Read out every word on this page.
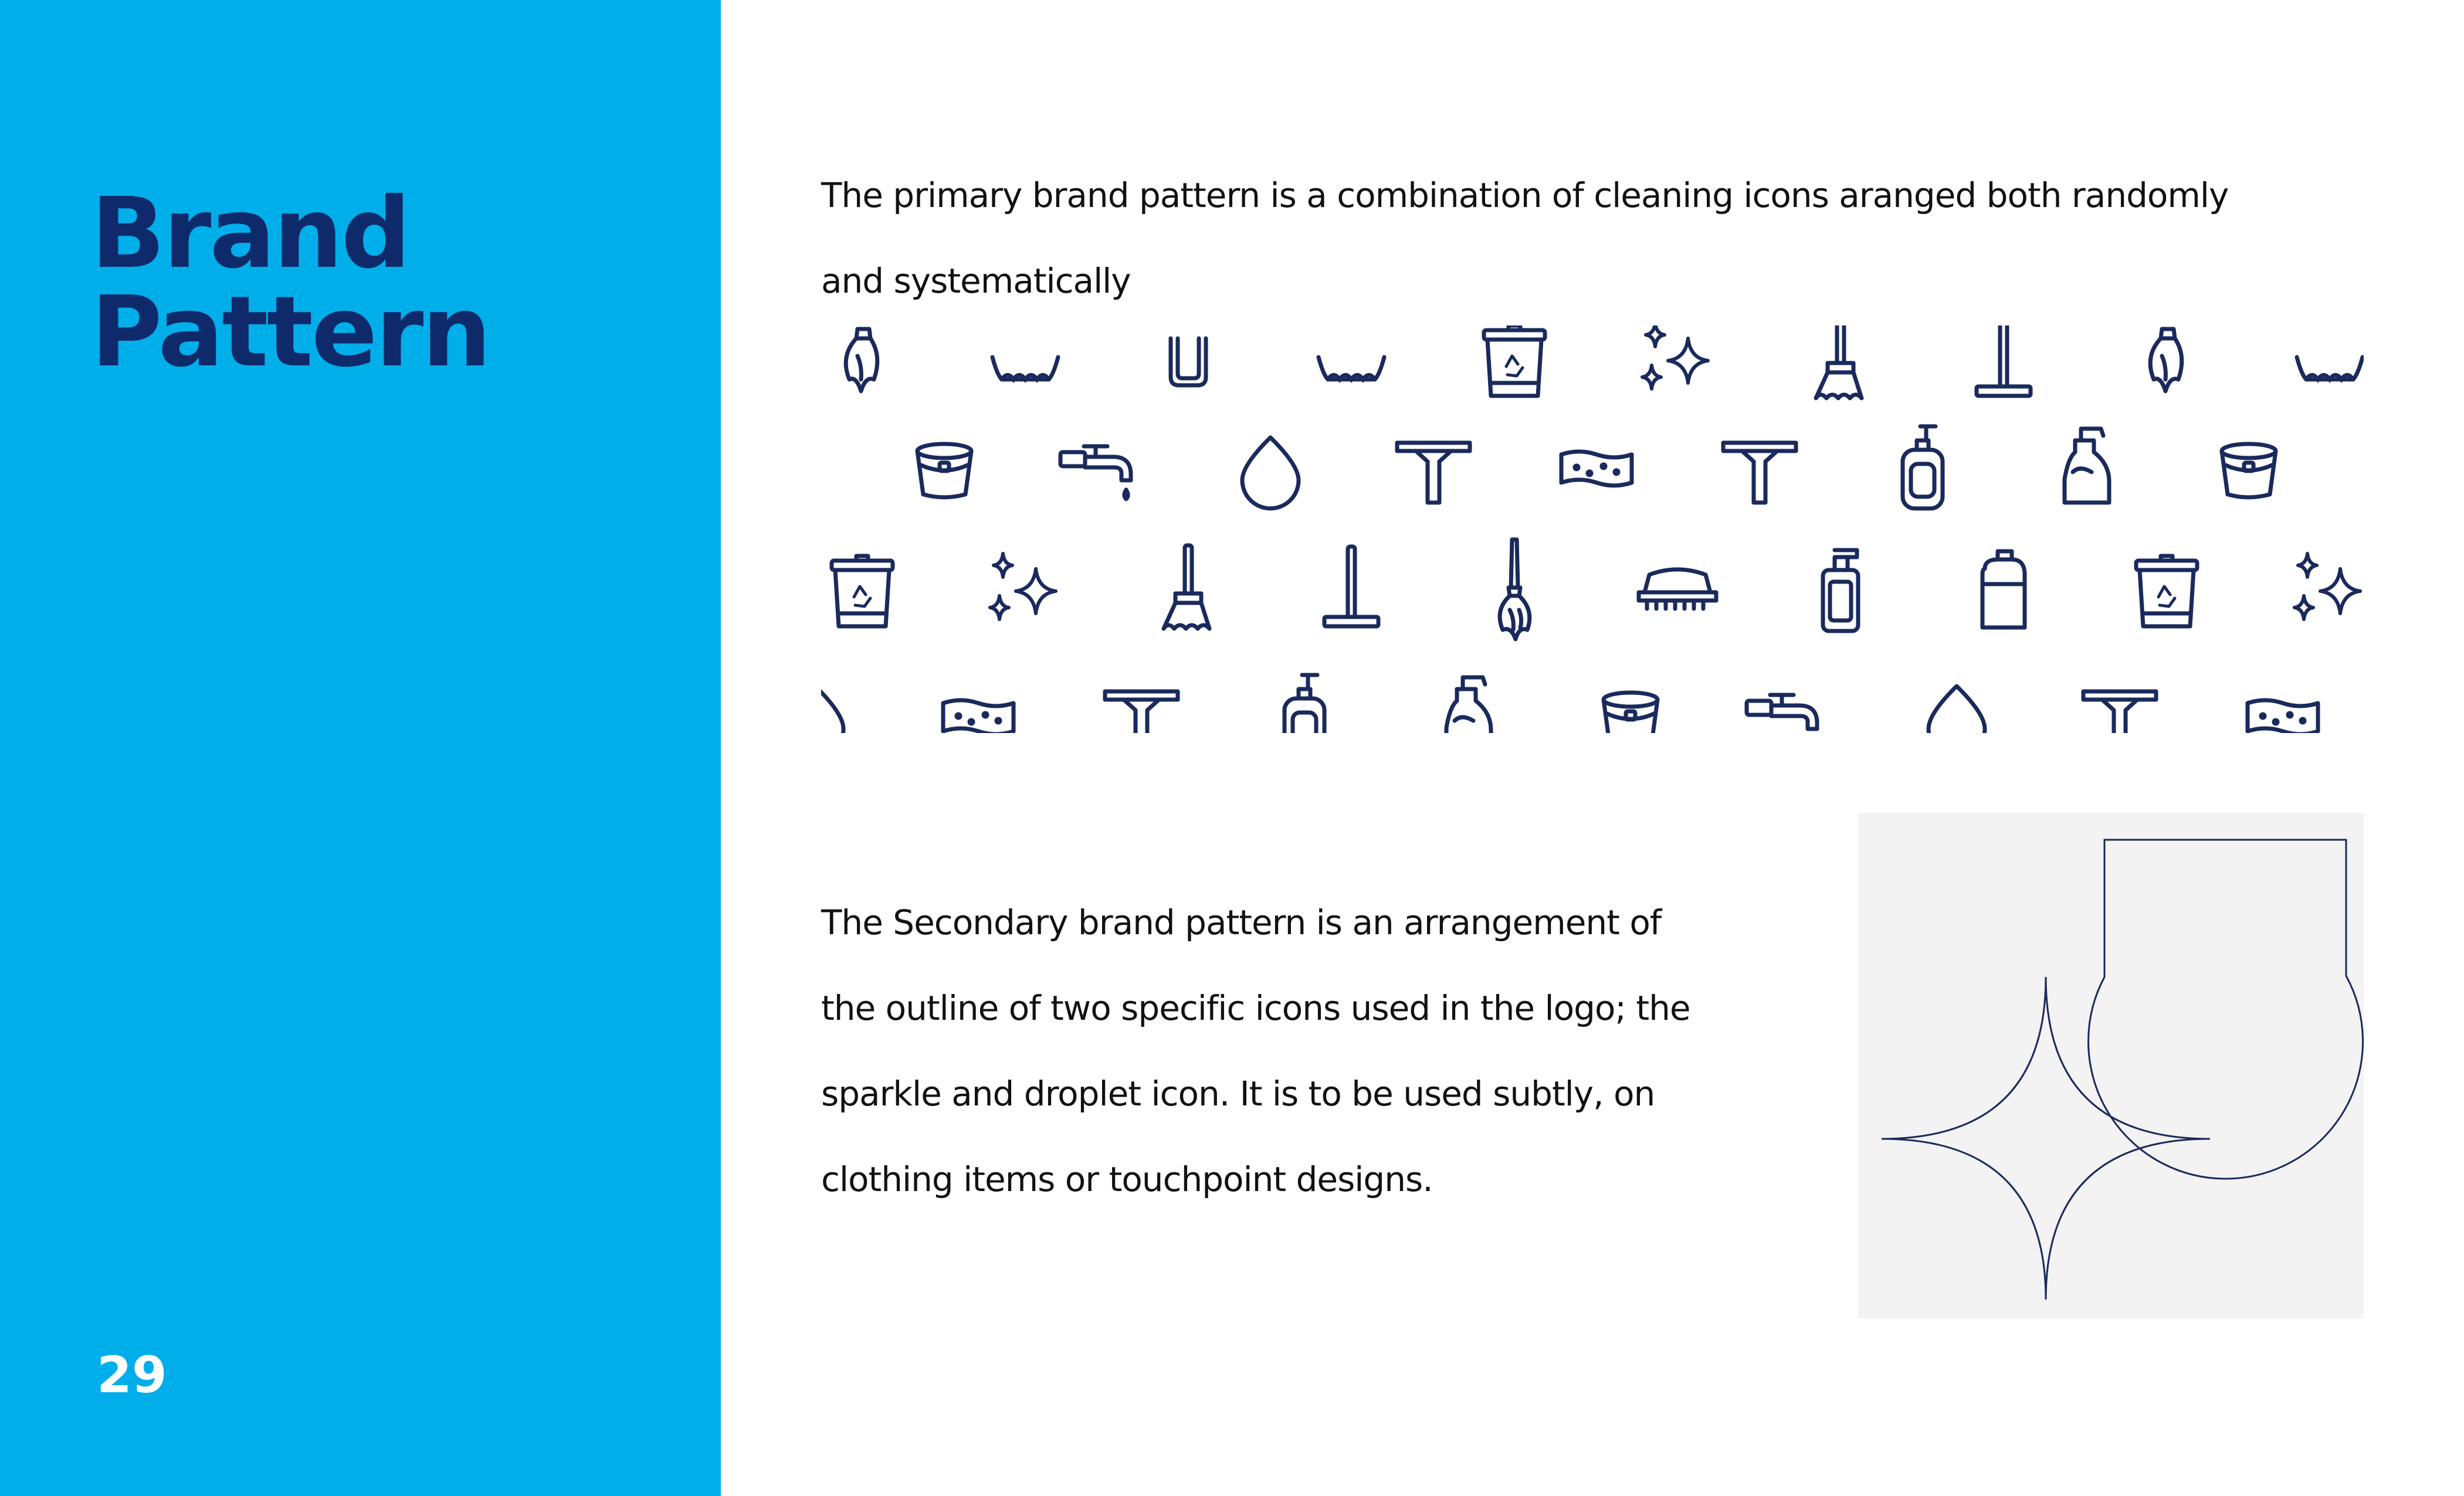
Brand
Pattern
29

The primary brand pattern is a combination of cleaning icons aranged both randomly
and systematically

The Secondary brand pattern is an arrangement of
the outline of two specific icons used in the logo; the
sparkle and droplet icon. It is to be used subtly, on
clothing items or touchpoint designs.
